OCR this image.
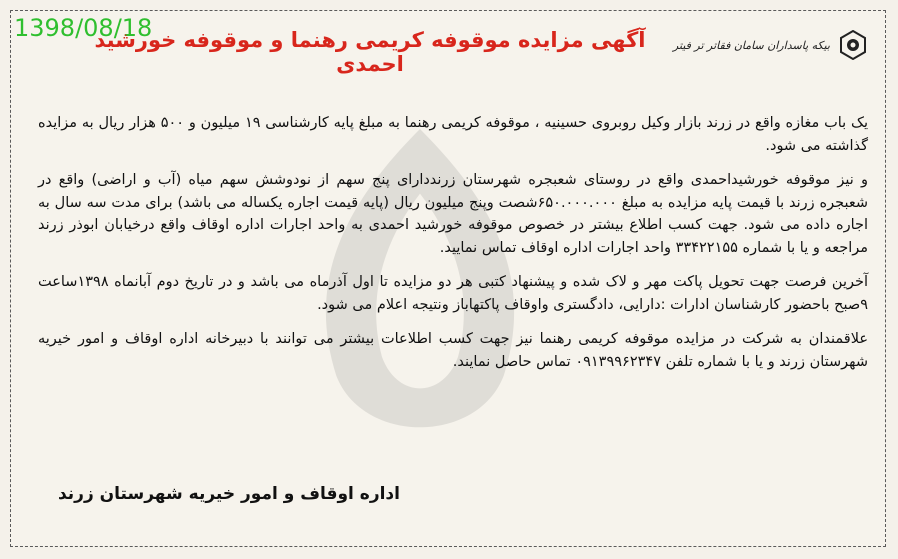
1398/08/18
آگهی مزایده موقوفه کریمی رهنما و موقوفه خورشید احمدی
بیکه پاسداران سامان فقاتر تر فیتر

یک باب مغازه واقع در زرند بازار وکیل روبروی حسینیه ، موقوفه کریمی رهنما به مبلغ پایه کارشناسی ۱۹ میلیون و ۵۰۰ هزار ریال به مزایده گذاشته می شود.

و نیز موقوفه خورشیداحمدی واقع در روستای شعبجره شهرستان زرنددارای پنج سهم از نودوشش سهم میاه (آب و اراضی) واقع در شعبجره زرند با قیمت پایه مزایده به مبلغ ۶۵۰.۰۰۰.۰۰۰شصت وپنج میلیون ریال (پایه قیمت اجاره یکساله می باشد) برای مدت سه سال به اجاره داده می شود. جهت کسب اطلاع بیشتر در خصوص موقوفه خورشید احمدی به واحد اجارات اداره اوقاف واقع درخیابان ابوذر زرند مراجعه و یا با شماره ۳۳۴۲۲۱۵۵ واحد اجارات اداره اوقاف تماس نمایید.

آخرین فرصت جهت تحویل پاکت مهر و لاک شده و پیشنهاد کتبی هر دو مزایده تا اول آذرماه می باشد و در تاریخ دوم آبانماه ۱۳۹۸ساعت ۹صبح باحضور کارشناسان ادارات :دارایی، دادگستری واوقاف پاکتهاباز ونتیجه اعلام می شود.

علاقمندان به شرکت در مزایده موقوفه کریمی رهنما نیز جهت کسب اطلاعات بیشتر می توانند با دبیرخانه اداره اوقاف و امور خیریه شهرستان زرند و یا با شماره تلفن ۰۹۱۳۹۹۶۲۳۴۷ تماس حاصل نمایند.

اداره اوقاف و امور خیریه شهرستان زرند
